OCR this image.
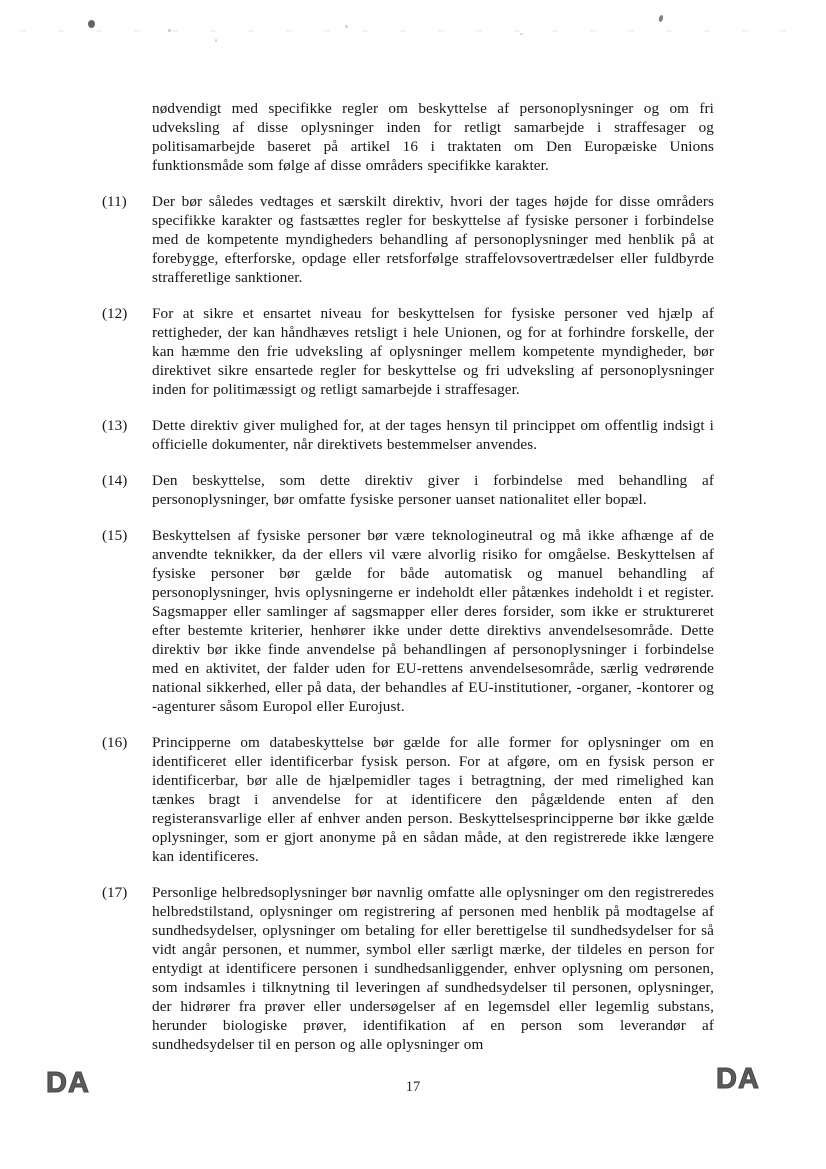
nødvendigt med specifikke regler om beskyttelse af personoplysninger og om fri udveksling af disse oplysninger inden for retligt samarbejde i straffesager og politisamarbejde baseret på artikel 16 i traktaten om Den Europæiske Unions funktionsmåde som følge af disse områders specifikke karakter.

(11)	Der bør således vedtages et særskilt direktiv, hvori der tages højde for disse områders specifikke karakter og fastsættes regler for beskyttelse af fysiske personer i forbindelse med de kompetente myndigheders behandling af personoplysninger med henblik på at forebygge, efterforske, opdage eller retsforfølge straffelovsovertrædelser eller fuldbyrde strafferetlige sanktioner.

(12)	For at sikre et ensartet niveau for beskyttelsen for fysiske personer ved hjælp af rettigheder, der kan håndhæves retsligt i hele Unionen, og for at forhindre forskelle, der kan hæmme den frie udveksling af oplysninger mellem kompetente myndigheder, bør direktivet sikre ensartede regler for beskyttelse og fri udveksling af personoplysninger inden for politimæssigt og retligt samarbejde i straffesager.

(13)	Dette direktiv giver mulighed for, at der tages hensyn til princippet om offentlig indsigt i officielle dokumenter, når direktivets bestemmelser anvendes.

(14)	Den beskyttelse, som dette direktiv giver i forbindelse med behandling af personoplysninger, bør omfatte fysiske personer uanset nationalitet eller bopæl.

(15)	Beskyttelsen af fysiske personer bør være teknologineutral og må ikke afhænge af de anvendte teknikker, da der ellers vil være alvorlig risiko for omgåelse. Beskyttelsen af fysiske personer bør gælde for både automatisk og manuel behandling af personoplysninger, hvis oplysningerne er indeholdt eller påtænkes indeholdt i et register. Sagsmapper eller samlinger af sagsmapper eller deres forsider, som ikke er struktureret efter bestemte kriterier, henhører ikke under dette direktivs anvendelsesområde. Dette direktiv bør ikke finde anvendelse på behandlingen af personoplysninger i forbindelse med en aktivitet, der falder uden for EU-rettens anvendelsesområde, særlig vedrørende national sikkerhed, eller på data, der behandles af EU-institutioner, -organer, -kontorer og -agenturer såsom Europol eller Eurojust.

(16)	Principperne om databeskyttelse bør gælde for alle former for oplysninger om en identificeret eller identificerbar fysisk person. For at afgøre, om en fysisk person er identificerbar, bør alle de hjælpemidler tages i betragtning, der med rimelighed kan tænkes bragt i anvendelse for at identificere den pågældende enten af den registeransvarlige eller af enhver anden person. Beskyttelsesprincipperne bør ikke gælde oplysninger, som er gjort anonyme på en sådan måde, at den registrerede ikke længere kan identificeres.

(17)	Personlige helbredsoplysninger bør navnlig omfatte alle oplysninger om den registreredes helbredstilstand, oplysninger om registrering af personen med henblik på modtagelse af sundhedsydelser, oplysninger om betaling for eller berettigelse til sundhedsydelser for så vidt angår personen, et nummer, symbol eller særligt mærke, der tildeles en person for entydigt at identificere personen i sundhedsanliggender, enhver oplysning om personen, som indsamles i tilknytning til leveringen af sundhedsydelser til personen, oplysninger, der hidrører fra prøver eller undersøgelser af en legemsdel eller legemlig substans, herunder biologiske prøver, identifikation af en person som leverandør af sundhedsydelser til en person og alle oplysninger om

DA	17	DA
